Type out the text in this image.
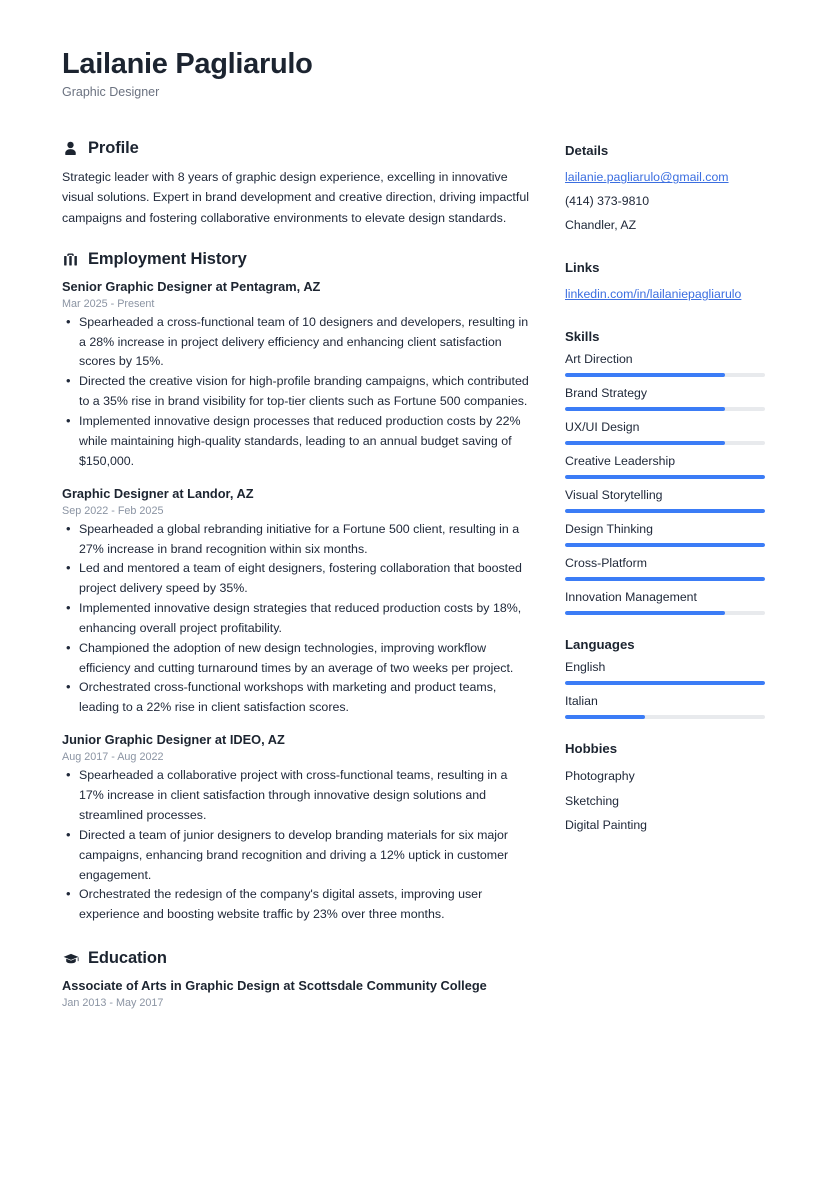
Lailanie Pagliarulo
Graphic Designer
Profile

Strategic leader with 8 years of graphic design experience, excelling in innovative visual solutions. Expert in brand development and creative direction, driving impactful campaigns and fostering collaborative environments to elevate design standards.

Employment History
Senior Graphic Designer at Pentagram, AZ
Mar 2025 - Present
• Spearheaded a cross-functional team of 10 designers and developers, resulting in a 28% increase in project delivery efficiency and enhancing client satisfaction scores by 15%.
• Directed the creative vision for high-profile branding campaigns, which contributed to a 35% rise in brand visibility for top-tier clients such as Fortune 500 companies.
• Implemented innovative design processes that reduced production costs by 22% while maintaining high-quality standards, leading to an annual budget saving of $150,000.
Graphic Designer at Landor, AZ
Sep 2022 - Feb 2025
• Spearheaded a global rebranding initiative for a Fortune 500 client, resulting in a 27% increase in brand recognition within six months.
• Led and mentored a team of eight designers, fostering collaboration that boosted project delivery speed by 35%.
• Implemented innovative design strategies that reduced production costs by 18%, enhancing overall project profitability.
• Championed the adoption of new design technologies, improving workflow efficiency and cutting turnaround times by an average of two weeks per project.
• Orchestrated cross-functional workshops with marketing and product teams, leading to a 22% rise in client satisfaction scores.
Junior Graphic Designer at IDEO, AZ
Aug 2017 - Aug 2022
• Spearheaded a collaborative project with cross-functional teams, resulting in a 17% increase in client satisfaction through innovative design solutions and streamlined processes.
• Directed a team of junior designers to develop branding materials for six major campaigns, enhancing brand recognition and driving a 12% uptick in customer engagement.
• Orchestrated the redesign of the company's digital assets, improving user experience and boosting website traffic by 23% over three months.
Education
Associate of Arts in Graphic Design at Scottsdale Community College
Jan 2013 - May 2017
Details
lailanie.pagliarulo@gmail.com
(414) 373-9810
Chandler, AZ
Links
linkedin.com/in/lailaniepagliarulo
Skills
Art Direction
Brand Strategy
UX/UI Design
Creative Leadership
Visual Storytelling
Design Thinking
Cross-Platform
Innovation Management
Languages
English
Italian
Hobbies
Photography
Sketching
Digital Painting
